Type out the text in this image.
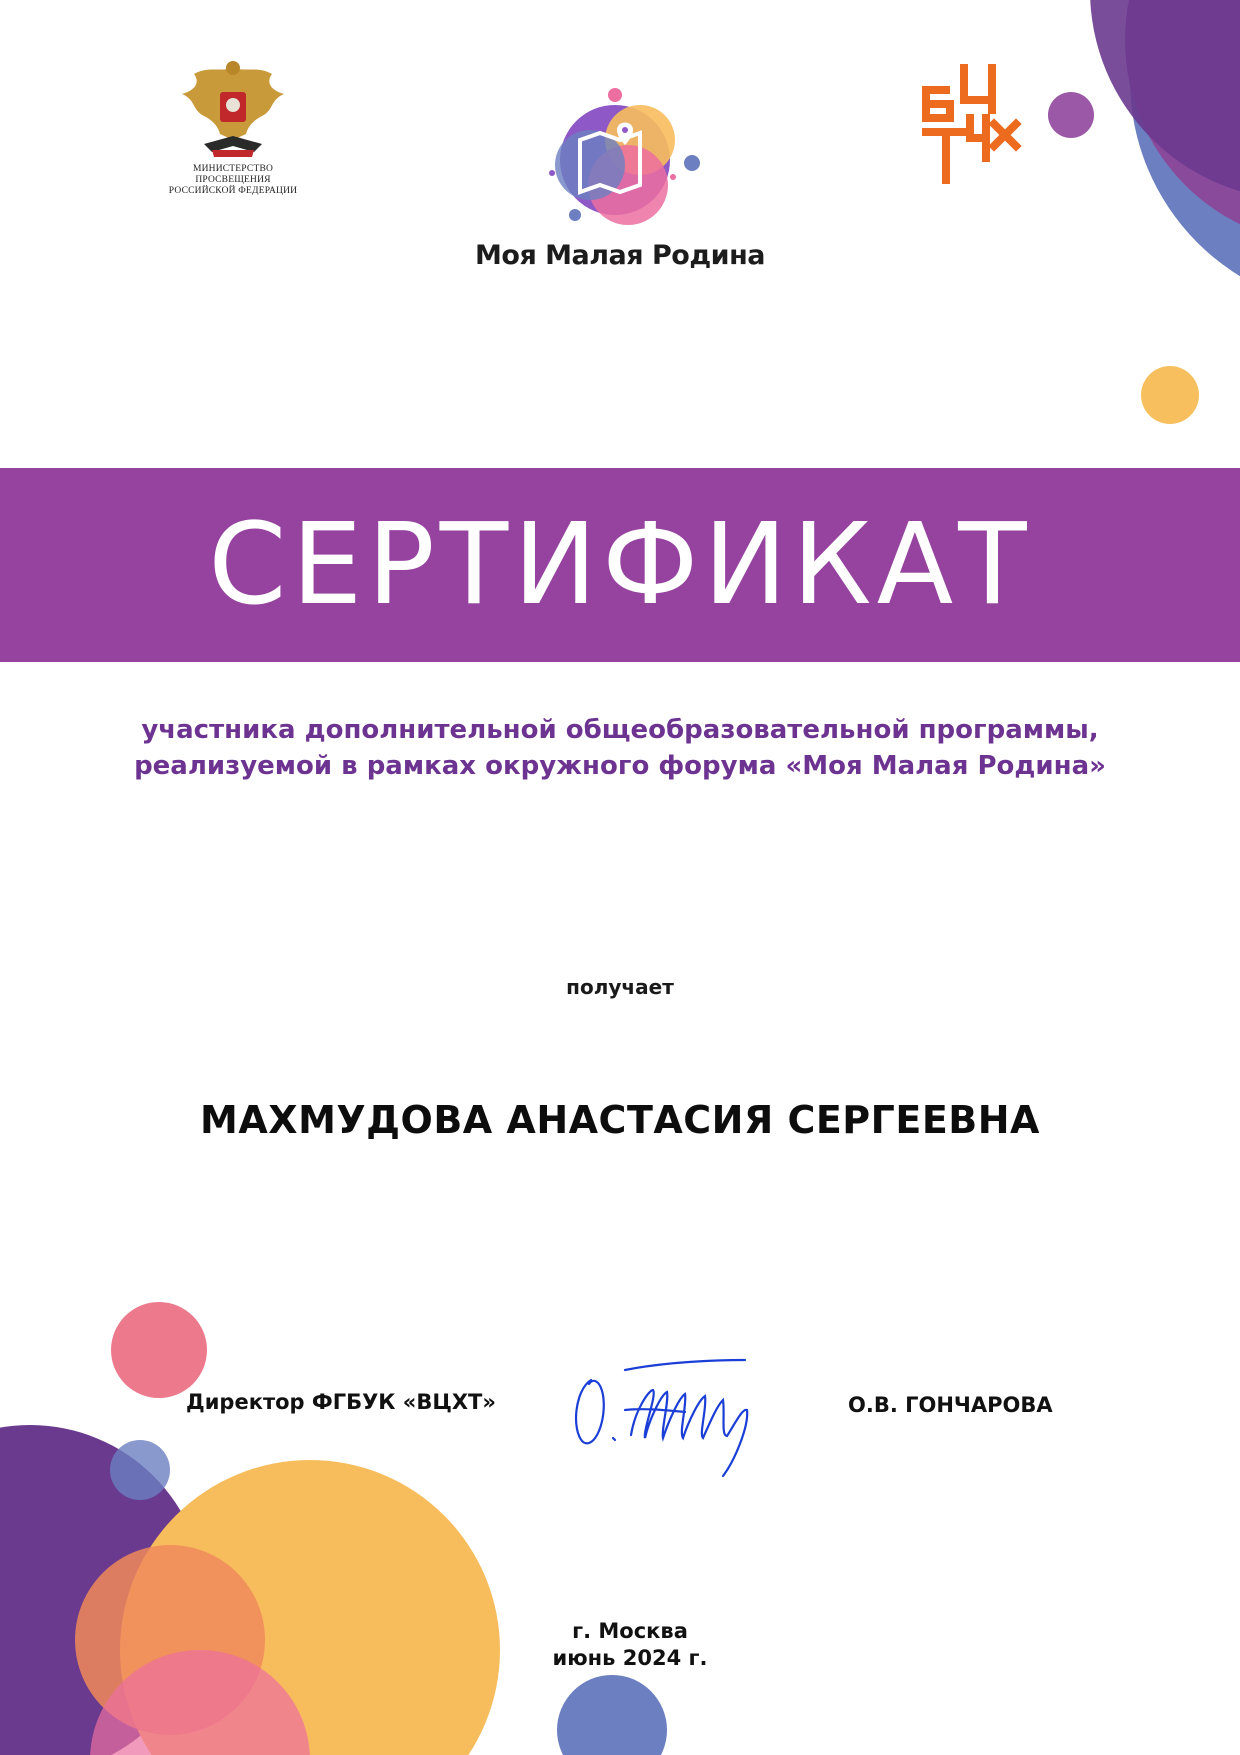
МИНИСТЕРСТВО ПРОСВЕЩЕНИЯ
РОССИЙСКОЙ ФЕДЕРАЦИИ
Моя Малая Родина
СЕРТИФИКАТ
участника дополнительной общеобразовательной программы,
реализуемой в рамках окружного форума «Моя Малая Родина»
получает
МАХМУДОВА АНАСТАСИЯ СЕРГЕЕВНА
Директор ФГБУК «ВЦХТ»	О.В. ГОНЧАРОВА
г. Москва
июнь 2024 г.
